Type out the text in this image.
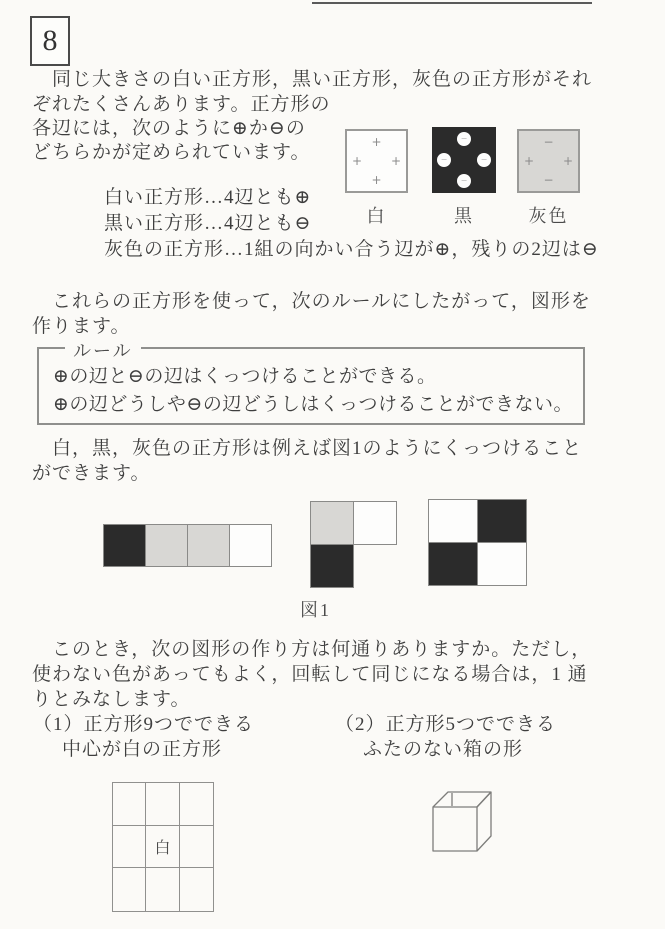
8
　同じ大きさの白い正方形，黒い正方形，灰色の正方形がそれ
ぞれたくさんあります。正方形の
各辺には，次のように⊕か⊖の
どちらかが定められています。	+
+ +
+
−
−	−
−
−
+ +
−
白	黒	灰色
白い正方形…4辺とも⊕
黒い正方形…4辺とも⊖
灰色の正方形…1組の向かい合う辺が⊕，残りの2辺は⊖
　これらの正方形を使って，次のルールにしたがって，図形を
作ります。
ルール
⊕の辺と⊖の辺はくっつけることができる。
⊕の辺どうしや⊖の辺どうしはくっつけることができない。
　白，黒，灰色の正方形は例えば図1のようにくっつけること
ができます。
図1
　このとき，次の図形の作り方は何通りありますか。ただし，
使わない色があってもよく，回転して同じになる場合は，1 通
りとみなします。
（1）正方形9つでできる
中心が白の正方形
（2）正方形5つでできる
ふたのない箱の形
白
